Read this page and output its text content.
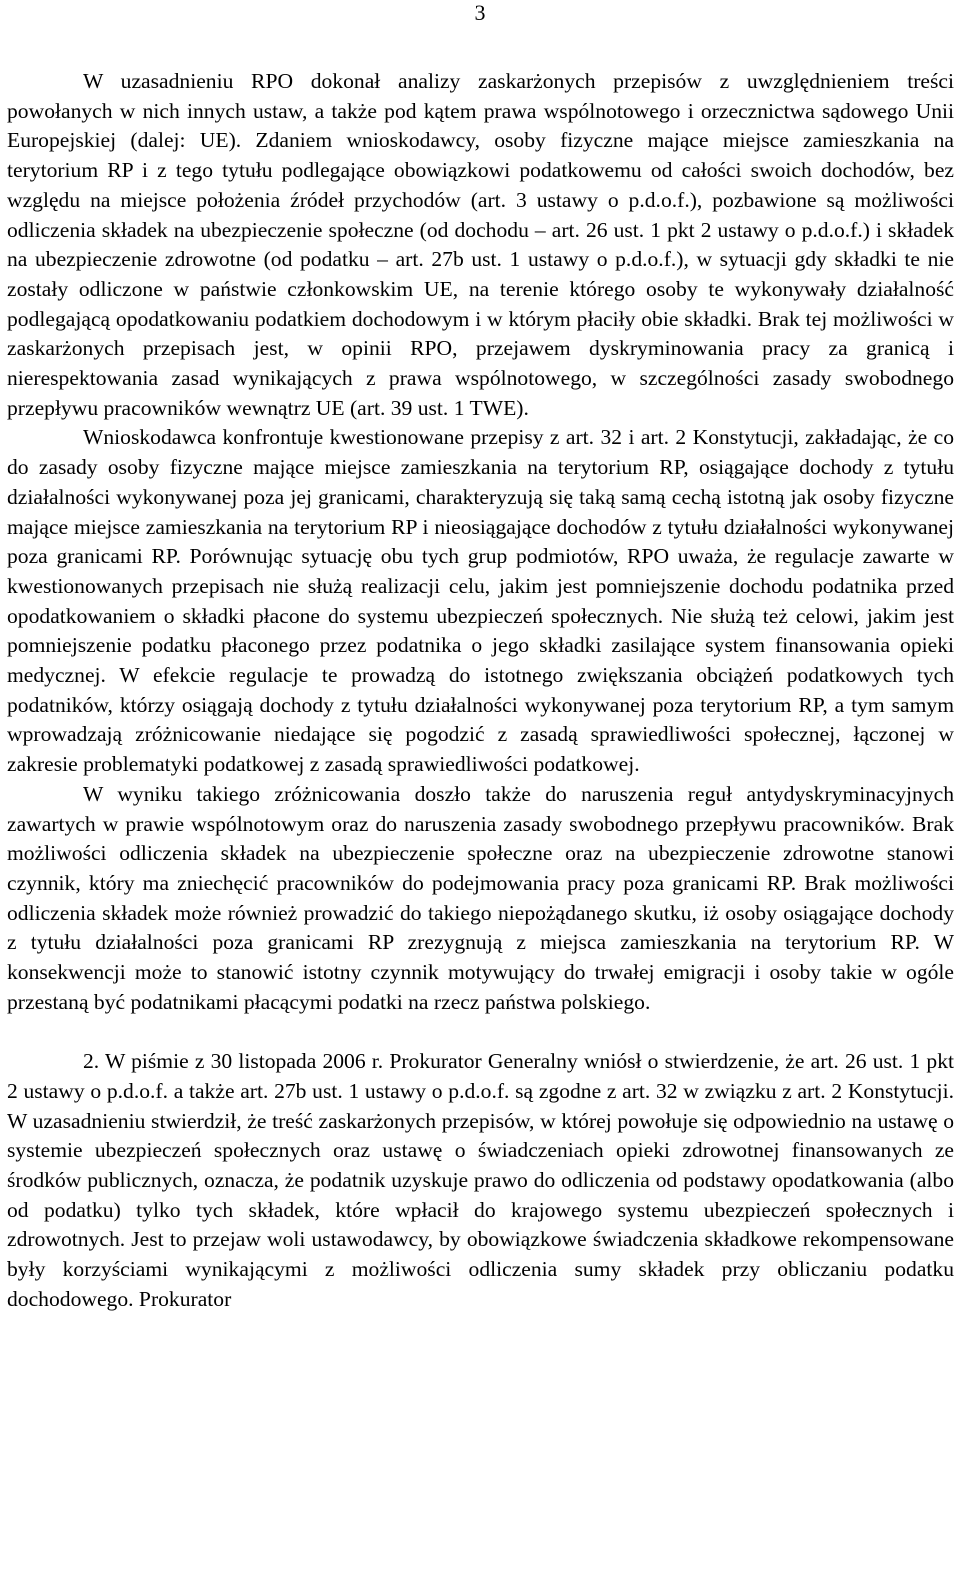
3

W uzasadnieniu RPO dokonał analizy zaskarżonych przepisów z uwzględnieniem treści powołanych w nich innych ustaw, a także pod kątem prawa wspólnotowego i orzecznictwa sądowego Unii Europejskiej (dalej: UE). Zdaniem wnioskodawcy, osoby fizyczne mające miejsce zamieszkania na terytorium RP i z tego tytułu podlegające obowiązkowi podatkowemu od całości swoich dochodów, bez względu na miejsce położenia źródeł przychodów (art. 3 ustawy o p.d.o.f.), pozbawione są możliwości odliczenia składek na ubezpieczenie społeczne (od dochodu – art. 26 ust. 1 pkt 2 ustawy o p.d.o.f.) i składek na ubezpieczenie zdrowotne (od podatku – art. 27b ust. 1 ustawy o p.d.o.f.), w sytuacji gdy składki te nie zostały odliczone w państwie członkowskim UE, na terenie którego osoby te wykonywały działalność podlegającą opodatkowaniu podatkiem dochodowym i w którym płaciły obie składki. Brak tej możliwości w zaskarżonych przepisach jest, w opinii RPO, przejawem dyskryminowania pracy za granicą i nierespektowania zasad wynikających z prawa wspólnotowego, w szczególności zasady swobodnego przepływu pracowników wewnątrz UE (art. 39 ust. 1 TWE).

Wnioskodawca konfrontuje kwestionowane przepisy z art. 32 i art. 2 Konstytucji, zakładając, że co do zasady osoby fizyczne mające miejsce zamieszkania na terytorium RP, osiągające dochody z tytułu działalności wykonywanej poza jej granicami, charakteryzują się taką samą cechą istotną jak osoby fizyczne mające miejsce zamieszkania na terytorium RP i nieosiągające dochodów z tytułu działalności wykonywanej poza granicami RP. Porównując sytuację obu tych grup podmiotów, RPO uważa, że regulacje zawarte w kwestionowanych przepisach nie służą realizacji celu, jakim jest pomniejszenie dochodu podatnika przed opodatkowaniem o składki płacone do systemu ubezpieczeń społecznych. Nie służą też celowi, jakim jest pomniejszenie podatku płaconego przez podatnika o jego składki zasilające system finansowania opieki medycznej. W efekcie regulacje te prowadzą do istotnego zwiększania obciążeń podatkowych tych podatników, którzy osiągają dochody z tytułu działalności wykonywanej poza terytorium RP, a tym samym wprowadzają zróżnicowanie niedające się pogodzić z zasadą sprawiedliwości społecznej, łączonej w zakresie problematyki podatkowej z zasadą sprawiedliwości podatkowej.

W wyniku takiego zróżnicowania doszło także do naruszenia reguł antydyskryminacyjnych zawartych w prawie wspólnotowym oraz do naruszenia zasady swobodnego przepływu pracowników. Brak możliwości odliczenia składek na ubezpieczenie społeczne oraz na ubezpieczenie zdrowotne stanowi czynnik, który ma zniechęcić pracowników do podejmowania pracy poza granicami RP. Brak możliwości odliczenia składek może również prowadzić do takiego niepożądanego skutku, iż osoby osiągające dochody z tytułu działalności poza granicami RP zrezygnują z miejsca zamieszkania na terytorium RP. W konsekwencji może to stanowić istotny czynnik motywujący do trwałej emigracji i osoby takie w ogóle przestaną być podatnikami płacącymi podatki na rzecz państwa polskiego.

2. W piśmie z 30 listopada 2006 r. Prokurator Generalny wniósł o stwierdzenie, że art. 26 ust. 1 pkt 2 ustawy o p.d.o.f. a także art. 27b ust. 1 ustawy o p.d.o.f. są zgodne z art. 32 w związku z art. 2 Konstytucji. W uzasadnieniu stwierdził, że treść zaskarżonych przepisów, w której powołuje się odpowiednio na ustawę o systemie ubezpieczeń społecznych oraz ustawę o świadczeniach opieki zdrowotnej finansowanych ze środków publicznych, oznacza, że podatnik uzyskuje prawo do odliczenia od podstawy opodatkowania (albo od podatku) tylko tych składek, które wpłacił do krajowego systemu ubezpieczeń społecznych i zdrowotnych. Jest to przejaw woli ustawodawcy, by obowiązkowe świadczenia składkowe rekompensowane były korzyściami wynikającymi z możliwości odliczenia sumy składek przy obliczaniu podatku dochodowego. Prokurator
